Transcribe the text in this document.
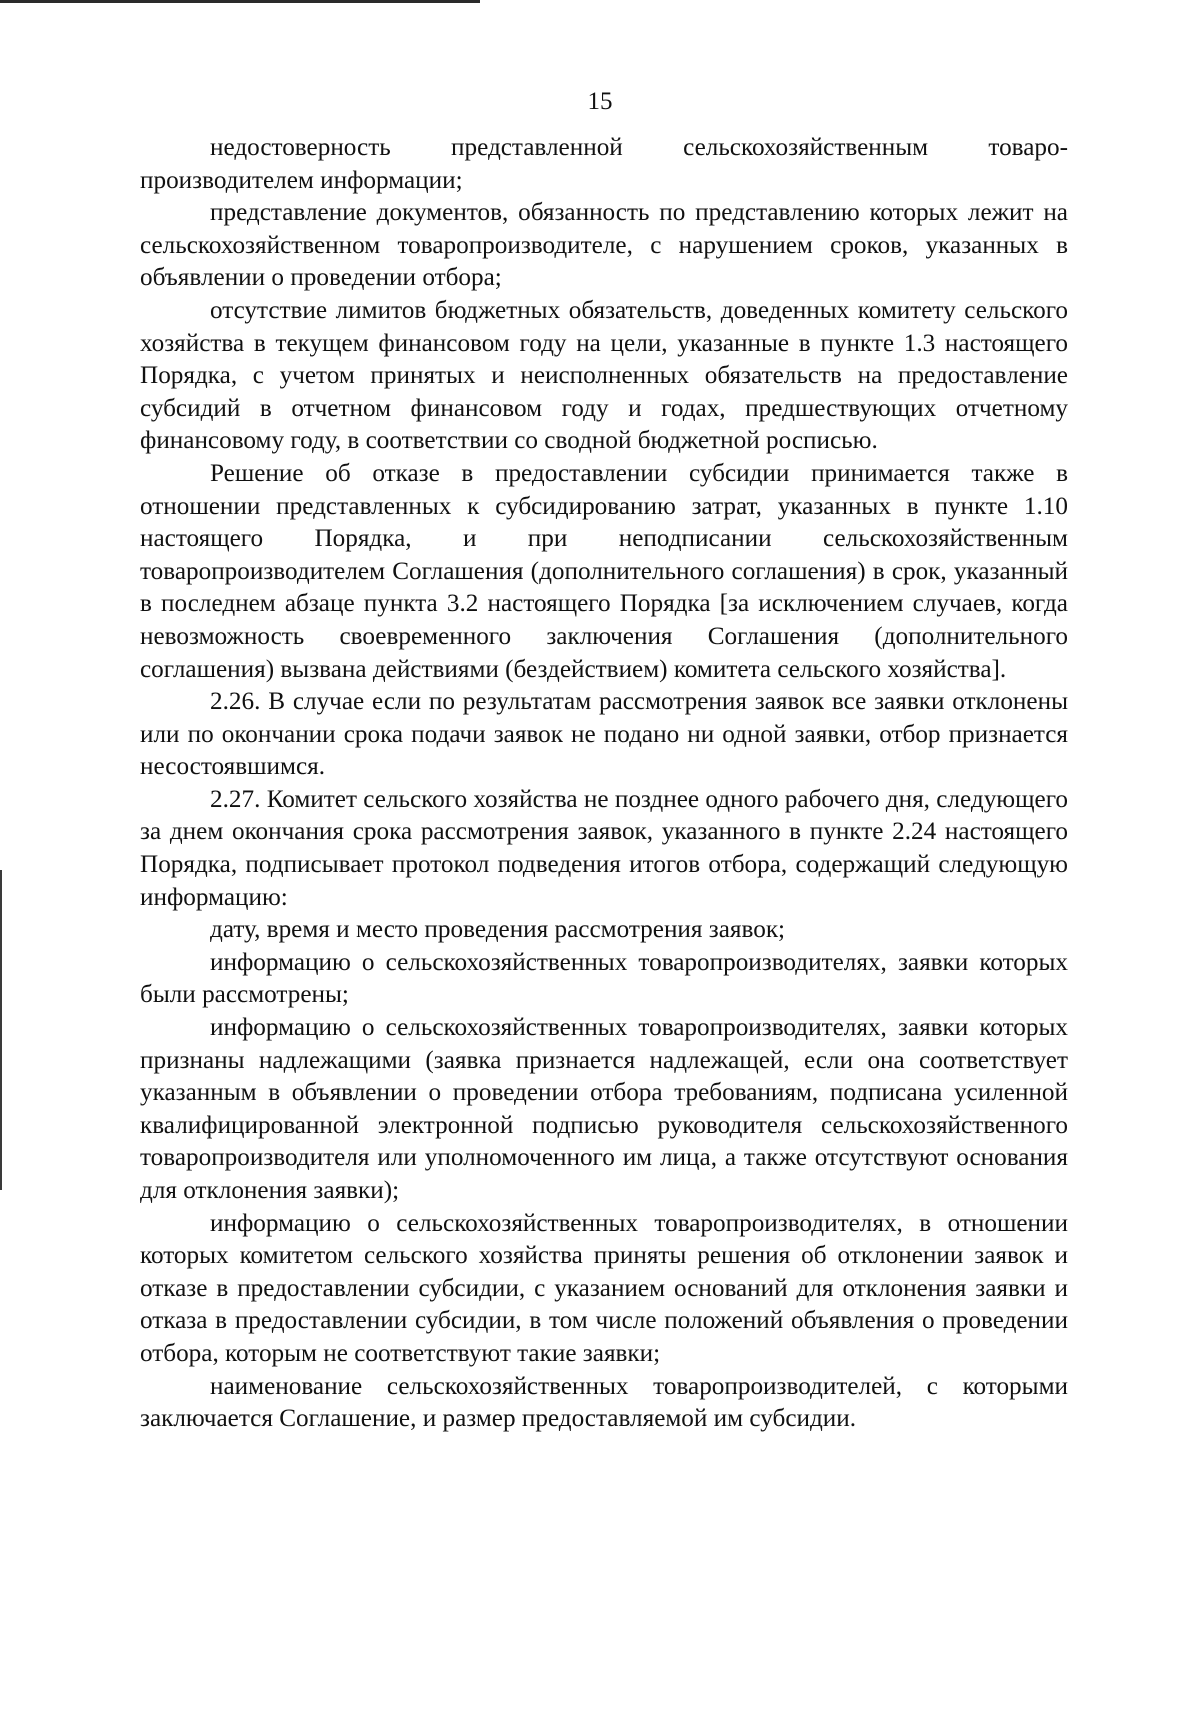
15

недостоверность представленной сельскохозяйственным товаропроизводителем информации;

представление документов, обязанность по представлению которых лежит на сельскохозяйственном товаропроизводителе, с нарушением сроков, указанных в объявлении о проведении отбора;

отсутствие лимитов бюджетных обязательств, доведенных комитету сельского хозяйства в текущем финансовом году на цели, указанные в пункте 1.3 настоящего Порядка, с учетом принятых и неисполненных обязательств на предоставление субсидий в отчетном финансовом году и годах, предшествующих отчетному финансовому году, в соответствии со сводной бюджетной росписью.

Решение об отказе в предоставлении субсидии принимается также в отношении представленных к субсидированию затрат, указанных в пункте 1.10 настоящего Порядка, и при неподписании сельскохозяйственным товаропроизводителем Соглашения (дополнительного соглашения) в срок, указанный в последнем абзаце пункта 3.2 настоящего Порядка [за исключением случаев, когда невозможность своевременного заключения Соглашения (дополнительного соглашения) вызвана действиями (бездействием) комитета сельского хозяйства].

2.26. В случае если по результатам рассмотрения заявок все заявки отклонены или по окончании срока подачи заявок не подано ни одной заявки, отбор признается несостоявшимся.

2.27. Комитет сельского хозяйства не позднее одного рабочего дня, следующего за днем окончания срока рассмотрения заявок, указанного в пункте 2.24 настоящего Порядка, подписывает протокол подведения итогов отбора, содержащий следующую информацию:

дату, время и место проведения рассмотрения заявок;

информацию о сельскохозяйственных товаропроизводителях, заявки которых были рассмотрены;

информацию о сельскохозяйственных товаропроизводителях, заявки которых признаны надлежащими (заявка признается надлежащей, если она соответствует указанным в объявлении о проведении отбора требованиям, подписана усиленной квалифицированной электронной подписью руководителя сельскохозяйственного товаропроизводителя или уполномоченного им лица, а также отсутствуют основания для отклонения заявки);

информацию о сельскохозяйственных товаропроизводителях, в отношении которых комитетом сельского хозяйства приняты решения об отклонении заявок и отказе в предоставлении субсидии, с указанием оснований для отклонения заявки и отказа в предоставлении субсидии, в том числе положений объявления о проведении отбора, которым не соответствуют такие заявки;

наименование сельскохозяйственных товаропроизводителей, с которыми заключается Соглашение, и размер предоставляемой им субсидии.
